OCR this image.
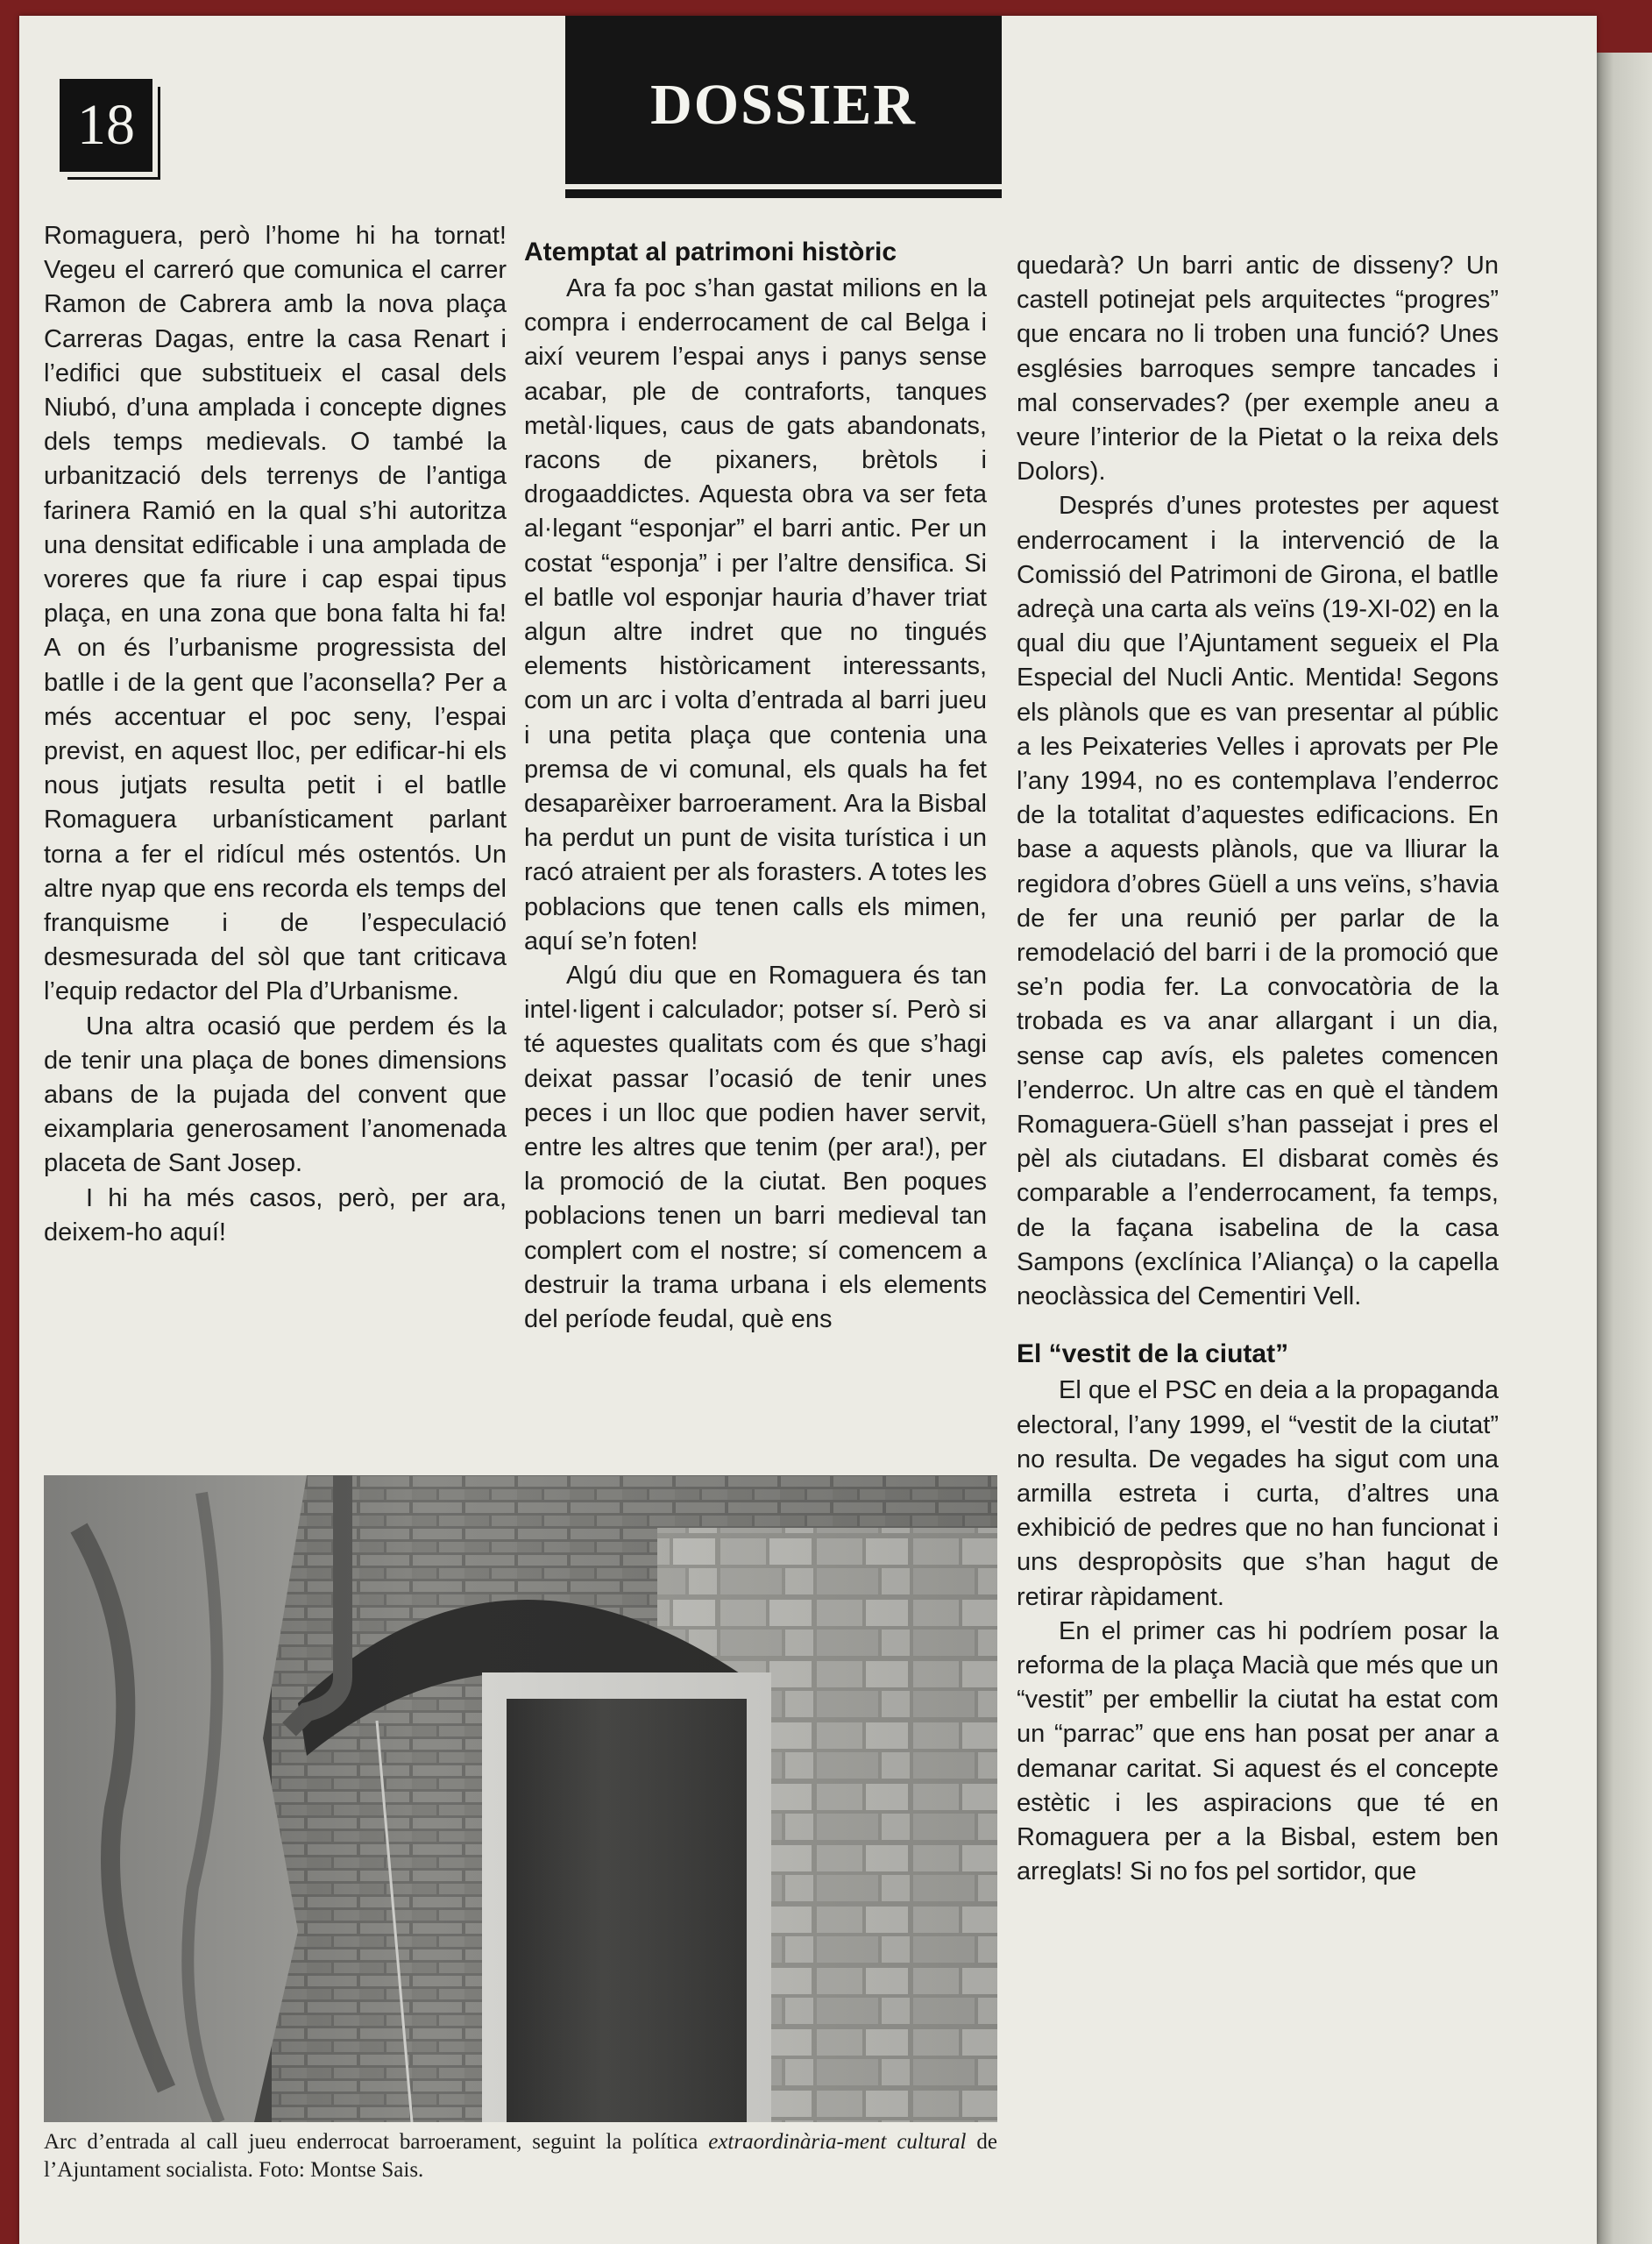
18	DOSSIER

Romaguera, però l’home hi ha tornat! Vegeu el carreró que comunica el carrer Ramon de Cabrera amb la nova plaça Carreras Dagas, entre la casa Renart i l’edifici que substitueix el casal dels Niubó, d’una amplada i concepte dignes dels temps medievals. O també la urbanització dels terrenys de l’antiga farinera Ramió en la qual s’hi autoritza una densitat edificable i una amplada de voreres que fa riure i cap espai tipus plaça, en una zona que bona falta hi fa! A on és l’urbanisme progressista del batlle i de la gent que l’aconsella? Per a més accentuar el poc seny, l’espai previst, en aquest lloc, per edificar-hi els nous jutjats resulta petit i el batlle Romaguera urbanísticament parlant torna a fer el ridícul més ostentós. Un altre nyap que ens recorda els temps del franquisme i de l’especulació desmesurada del sòl que tant criticava l’equip redactor del Pla d’Urbanisme.

Una altra ocasió que perdem és la de tenir una plaça de bones dimensions abans de la pujada del convent que eixamplaria generosament l’anomenada placeta de Sant Josep.

I hi ha més casos, però, per ara, deixem-ho aquí!

Atemptat al patrimoni històric

Ara fa poc s’han gastat milions en la compra i enderrocament de cal Belga i així veurem l’espai anys i panys sense acabar, ple de contraforts, tanques metàl·liques, caus de gats abandonats, racons de pixaners, brètols i drogaaddictes. Aquesta obra va ser feta al·legant “esponjar” el barri antic. Per un costat “esponja” i per l’altre densifica. Si el batlle vol esponjar hauria d’haver triat algun altre indret que no tingués elements històricament interessants, com un arc i volta d’entrada al barri jueu i una petita plaça que contenia una premsa de vi comunal, els quals ha fet desaparèixer barroerament. Ara la Bisbal ha perdut un punt de visita turística i un racó atraient per als forasters. A totes les poblacions que tenen calls els mimen, aquí se’n foten!

Algú diu que en Romaguera és tan intel·ligent i calculador; potser sí. Però si té aquestes qualitats com és que s’hagi deixat passar l’ocasió de tenir unes peces i un lloc que podien haver servit, entre les altres que tenim (per ara!), per la promoció de la ciutat. Ben poques poblacions tenen un barri medieval tan complert com el nostre; sí comencem a destruir la trama urbana i els elements del període feudal, què ens

quedarà? Un barri antic de disseny? Un castell potinejat pels arquitectes “progres” que encara no li troben una funció? Unes esglésies barroques sempre tancades i mal conservades? (per exemple aneu a veure l’interior de la Pietat o la reixa dels Dolors).

Després d’unes protestes per aquest enderrocament i la intervenció de la Comissió del Patrimoni de Girona, el batlle adreçà una carta als veïns (19-XI-02) en la qual diu que l’Ajuntament segueix el Pla Especial del Nucli Antic. Mentida! Segons els plànols que es van presentar al públic a les Peixateries Velles i aprovats per Ple l’any 1994, no es contemplava l’enderroc de la totalitat d’aquestes edificacions. En base a aquests plànols, que va lliurar la regidora d’obres Güell a uns veïns, s’havia de fer una reunió per parlar de la remodelació del barri i de la promoció que se’n podia fer. La convocatòria de la trobada es va anar allargant i un dia, sense cap avís, els paletes comencen l’enderroc. Un altre cas en què el tàndem Romaguera-Güell s’han passejat i pres el pèl als ciutadans. El disbarat comès és comparable a l’enderrocament, fa temps, de la façana isabelina de la casa Sampons (exclínica l’Aliança) o la capella neoclàssica del Cementiri Vell.

El “vestit de la ciutat”

El que el PSC en deia a la propaganda electoral, l’any 1999, el “vestit de la ciutat” no resulta. De vegades ha sigut com una armilla estreta i curta, d’altres una exhibició de pedres que no han funcionat i uns despropòsits que s’han hagut de retirar ràpidament.

En el primer cas hi podríem posar la reforma de la plaça Macià que més que un “vestit” per embellir la ciutat ha estat com un “parrac” que ens han posat per anar a demanar caritat. Si aquest és el concepte estètic i les aspiracions que té en Romaguera per a la Bisbal, estem ben arreglats! Si no fos pel sortidor, que

Arc d’entrada al call jueu enderrocat barroerament, seguint la política extraordinària-ment cultural de l’Ajuntament socialista. Foto: Montse Sais.
